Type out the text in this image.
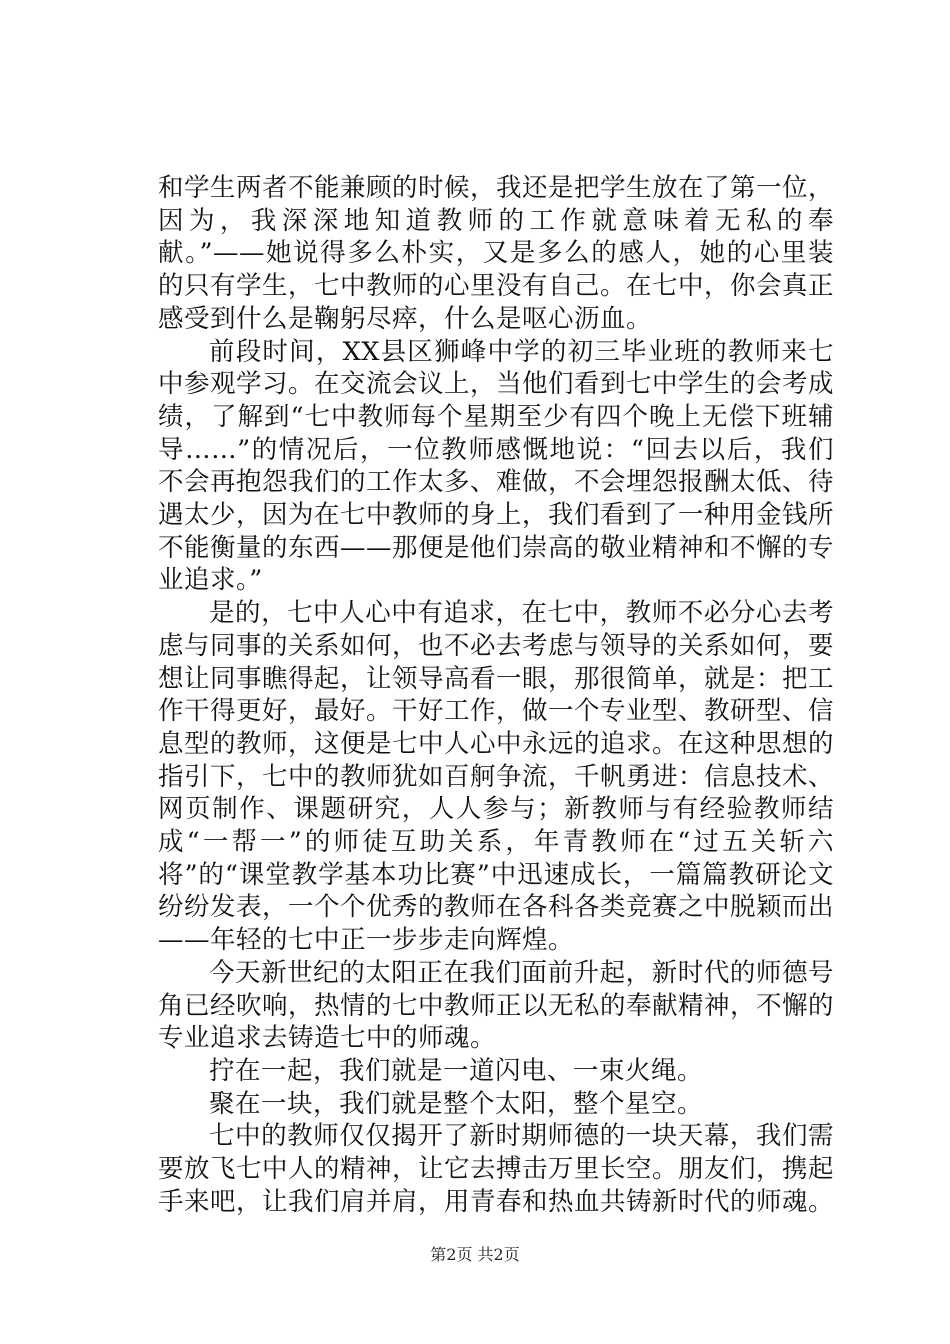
和学生两者不能兼顾的时候，我还是把学生放在了第一位，因为，我深深地知道教师的工作就意味着无私的奉献。”——她说得多么朴实，又是多么的感人，她的心里装的只有学生，七中教师的心里没有自己。在七中，你会真正感受到什么是鞠躬尽瘁，什么是呕心沥血。

前段时间，XX县区狮峰中学的初三毕业班的教师来七中参观学习。在交流会议上，当他们看到七中学生的会考成绩，了解到“七中教师每个星期至少有四个晚上无偿下班辅导……”的情况后，一位教师感慨地说：“回去以后，我们不会再抱怨我们的工作太多、难做，不会埋怨报酬太低、待遇太少，因为在七中教师的身上，我们看到了一种用金钱所不能衡量的东西——那便是他们崇高的敬业精神和不懈的专业追求。”

是的，七中人心中有追求，在七中，教师不必分心去考虑与同事的关系如何，也不必去考虑与领导的关系如何，要想让同事瞧得起，让领导高看一眼，那很简单，就是：把工作干得更好，最好。干好工作，做一个专业型、教研型、信息型的教师，这便是七中人心中永远的追求。在这种思想的指引下，七中的教师犹如百舸争流，千帆勇进：信息技术、网页制作、课题研究，人人参与；新教师与有经验教师结成“一帮一”的师徒互助关系，年青教师在“过五关斩六将”的“课堂教学基本功比赛”中迅速成长，一篇篇教研论文纷纷发表，一个个优秀的教师在各科各类竞赛之中脱颖而出——年轻的七中正一步步走向辉煌。

今天新世纪的太阳正在我们面前升起，新时代的师德号角已经吹响，热情的七中教师正以无私的奉献精神，不懈的专业追求去铸造七中的师魂。

拧在一起，我们就是一道闪电、一束火绳。

聚在一块，我们就是整个太阳，整个星空。

七中的教师仅仅揭开了新时期师德的一块天幕，我们需要放飞七中人的精神，让它去搏击万里长空。朋友们，携起手来吧，让我们肩并肩，用青春和热血共铸新时代的师魂。

第2页 共2页
